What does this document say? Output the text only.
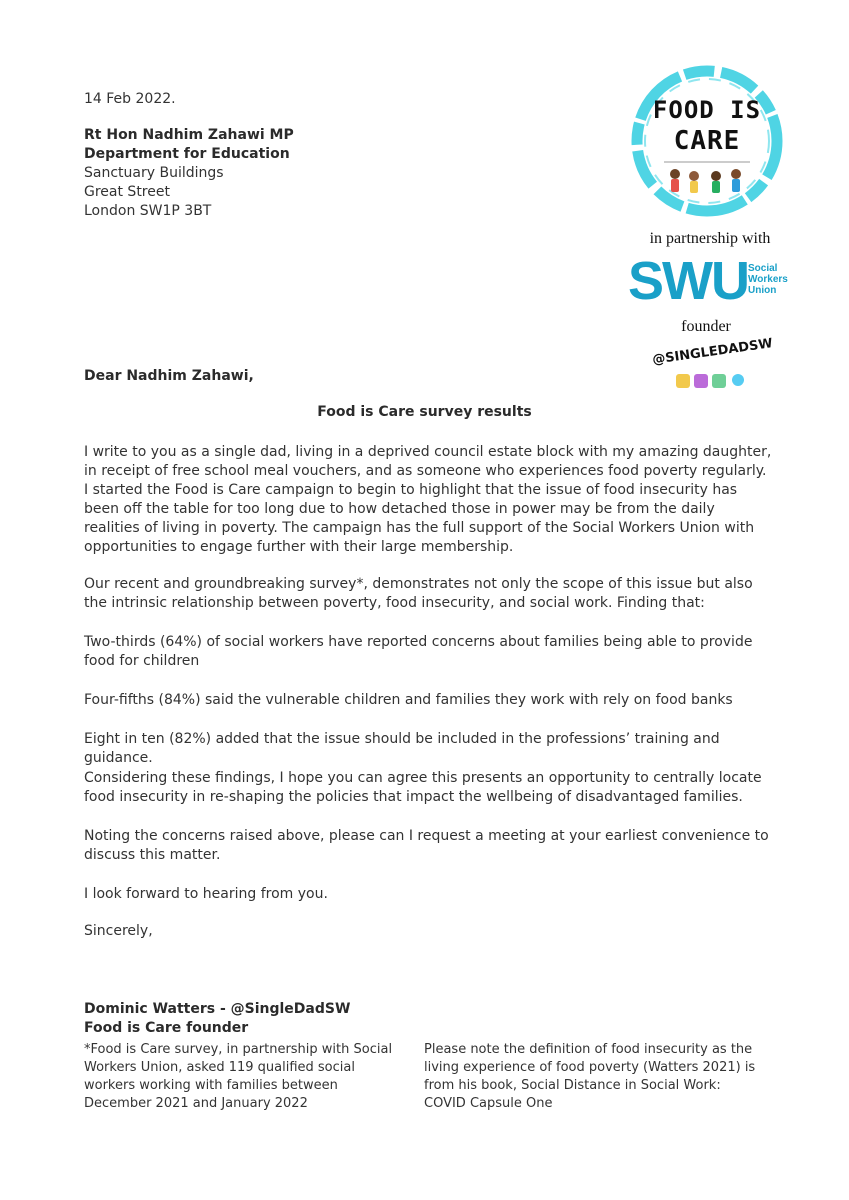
14 Feb 2022.
Rt Hon Nadhim Zahawi MP
Department for Education
Sanctuary Buildings
Great Street
London SW1P 3BT
FOOD IS
CARE
in partnership with
SWU Social
Workers
Union
founder
@SINGLEDADSW
Dear Nadhim Zahawi,
Food is Care survey results
I write to you as a single dad, living in a deprived council estate block with my amazing daughter, in receipt of free school meal vouchers, and as someone who experiences food poverty regularly. I started the Food is Care campaign to begin to highlight that the issue of food insecurity has been off the table for too long due to how detached those in power may be from the daily realities of living in poverty. The campaign has the full support of the Social Workers Union with opportunities to engage further with their large membership.
Our recent and groundbreaking survey*, demonstrates not only the scope of this issue but also the intrinsic relationship between poverty, food insecurity, and social work. Finding that:
Two-thirds (64%) of social workers have reported concerns about families being able to provide food for children
Four-fifths (84%) said the vulnerable children and families they work with rely on food banks
Eight in ten (82%) added that the issue should be included in the professions’ training and guidance.
Considering these findings, I hope you can agree this presents an opportunity to centrally locate food insecurity in re-shaping the policies that impact the wellbeing of disadvantaged families.
Noting the concerns raised above, please can I request a meeting at your earliest convenience to discuss this matter.
I look forward to hearing from you.
Sincerely,
Dominic Watters - @SingleDadSW
Food is Care founder
*Food is Care survey, in partnership with Social Workers Union, asked 119 qualified social workers working with families between December 2021 and January 2022
Please note the definition of food insecurity as the living experience of food poverty (Watters 2021) is from his book, Social Distance in Social Work: COVID Capsule One
